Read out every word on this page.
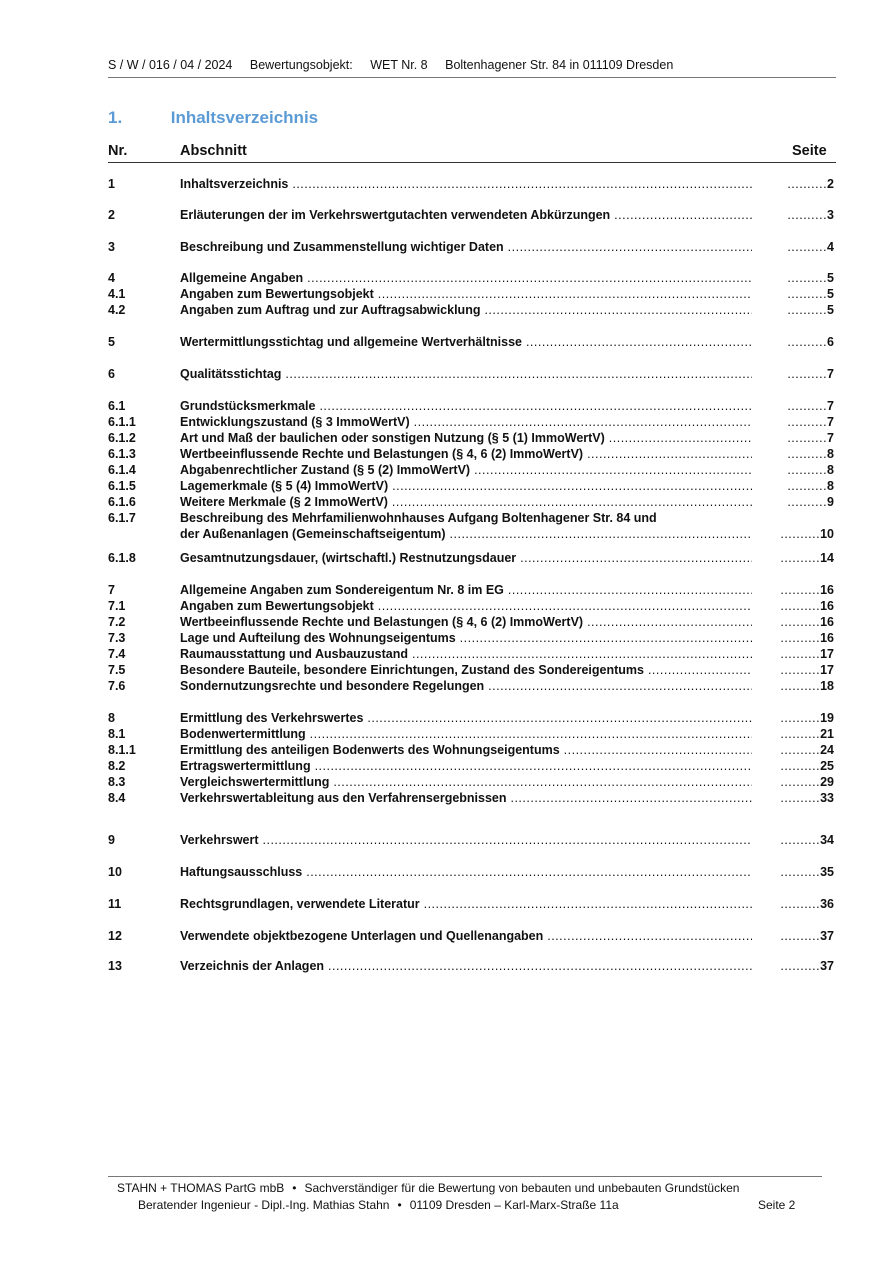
S / W / 016 / 04 / 2024 Bewertungsobjekt: WET Nr. 8 Boltenhagener Str. 84 in 011109 Dresden
1.	Inhaltsverzeichnis
Nr.	Abschnitt	Seite
1	Inhaltsverzeichnis .....	..... 2
2	Erläuterungen der im Verkehrswertgutachten verwendeten Abkürzungen .....	..... 3
3	Beschreibung und Zusammenstellung wichtiger Daten .....	..... 4
4	Allgemeine Angaben .....	..... 5
4.1	Angaben zum Bewertungsobjekt .....	..... 5
4.2	Angaben zum Auftrag und zur Auftragsabwicklung .....	..... 5
5	Wertermittlungsstichtag und allgemeine Wertverhältnisse .....	..... 6
6	Qualitätsstichtag .....	..... 7
6.1	Grundstücksmerkmale .....	..... 7
6.1.1	Entwicklungszustand (§ 3 ImmoWertV) .....	..... 7
6.1.2	Art und Maß der baulichen oder sonstigen Nutzung (§ 5 (1) ImmoWertV) .....	..... 7
6.1.3	Wertbeeinflussende Rechte und Belastungen (§ 4, 6 (2) ImmoWertV) .....	..... 8
6.1.4	Abgabenrechtlicher Zustand (§ 5 (2) ImmoWertV) .....	..... 8
6.1.5	Lagemerkmale (§ 5 (4) ImmoWertV) .....	..... 8
6.1.6	Weitere Merkmale (§ 2 ImmoWertV) .....	..... 9
6.1.7	Beschreibung des Mehrfamilienwohnhauses Aufgang Boltenhagener Str. 84 und
der Außenanlagen (Gemeinschaftseigentum) .....	..... 10
6.1.8	Gesamtnutzungsdauer, (wirtschaftl.) Restnutzungsdauer .....	..... 14
7	Allgemeine Angaben zum Sondereigentum Nr. 8 im EG .....	..... 16
7.1	Angaben zum Bewertungsobjekt .....	..... 16
7.2	Wertbeeinflussende Rechte und Belastungen (§ 4, 6 (2) ImmoWertV) .....	..... 16
7.3	Lage und Aufteilung des Wohnungseigentums .....	..... 16
7.4	Raumausstattung und Ausbauzustand .....	..... 17
7.5	Besondere Bauteile, besondere Einrichtungen, Zustand des Sondereigentums .....	..... 17
7.6	Sondernutzungsrechte und besondere Regelungen .....	..... 18
8	Ermittlung des Verkehrswertes .....	..... 19
8.1	Bodenwertermittlung .....	..... 21
8.1.1	Ermittlung des anteiligen Bodenwerts des Wohnungseigentums .....	..... 24
8.2	Ertragswertermittlung .....	..... 25
8.3	Vergleichswertermittlung .....	..... 29
8.4	Verkehrswertableitung aus den Verfahrensergebnissen .....	..... 33
9	Verkehrswert .....	..... 34
10	Haftungsausschluss .....	..... 35
11	Rechtsgrundlagen, verwendete Literatur .....	..... 36
12	Verwendete objektbezogene Unterlagen und Quellenangaben .....	..... 37
13	Verzeichnis der Anlagen .....	..... 37
STAHN + THOMAS PartG mbB • Sachverständiger für die Bewertung von bebauten und unbebauten Grundstücken
Beratender Ingenieur - Dipl.-Ing. Mathias Stahn • 01109 Dresden – Karl-Marx-Straße 11a	Seite 2
